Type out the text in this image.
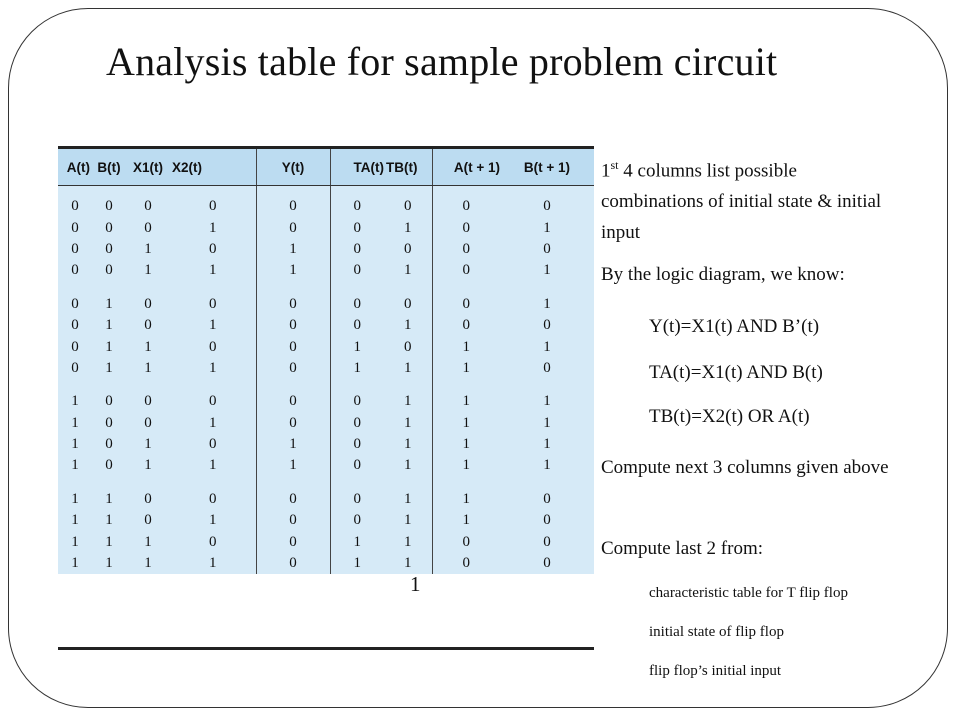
Analysis table for sample problem circuit
A(t)	B(t)	X1(t)	X2(t)	Y(t)	TA(t)	TB(t)	A(t + 1)	B(t + 1)
0	0	0	0	0	0	0	0	0
0	0	0	1	0	0	1	0	1
0	0	1	0	1	0	0	0	0
0	0	1	1	1	0	1	0	1
0	1	0	0	0	0	0	0	1
0	1	0	1	0	0	1	0	0
0	1	1	0	0	1	0	1	1
0	1	1	1	0	1	1	1	0
1	0	0	0	0	0	1	1	1
1	0	0	1	0	0	1	1	1
1	0	1	0	1	0	1	1	1
1	0	1	1	1	0	1	1	1
1	1	0	0	0	0	1	1	0
1	1	0	1	0	0	1	1	0
1	1	1	0	0	1	1	0	0
1	1	1	1	0	1	1	0	0
1
1st 4 columns list possible combinations of initial state & initial input
By the logic diagram, we know:
Y(t)=X1(t) AND B’(t)
TA(t)=X1(t) AND B(t)
TB(t)=X2(t) OR A(t)
Compute next 3 columns given above
Compute last 2 from:
characteristic table for T flip flop
initial state of flip flop
flip flop’s initial input
